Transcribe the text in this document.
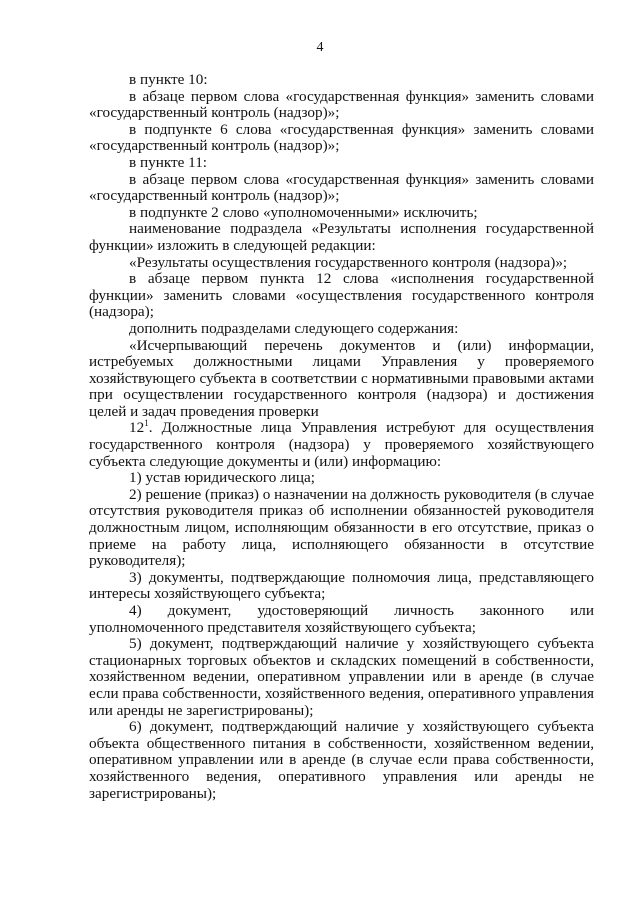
4

в пункте 10:

в абзаце первом слова «государственная функция» заменить словами «государственный контроль (надзор)»;

в подпункте 6 слова «государственная функция» заменить словами «государственный контроль (надзор)»;

в пункте 11:

в абзаце первом слова «государственная функция» заменить словами «государственный контроль (надзор)»;

в подпункте 2 слово «уполномоченными» исключить;

наименование подраздела «Результаты исполнения государственной функции» изложить в следующей редакции:

«Результаты осуществления государственного контроля (надзора)»;

в абзаце первом пункта 12 слова «исполнения государственной функции» заменить словами «осуществления государственного контроля (надзора);

дополнить подразделами следующего содержания:

«Исчерпывающий перечень документов и (или) информации, истребуемых должностными лицами Управления у проверяемого хозяйствующего субъекта в соответствии с нормативными правовыми актами при осуществлении государственного контроля (надзора) и достижения целей и задач проведения проверки

$12^1$. Должностные лица Управления истребуют для осуществления государственного контроля (надзора) у проверяемого хозяйствующего субъекта следующие документы и (или) информацию:

1) устав юридического лица;

2) решение (приказ) о назначении на должность руководителя (в случае отсутствия руководителя приказ об исполнении обязанностей руководителя должностным лицом, исполняющим обязанности в его отсутствие, приказ о приеме на работу лица, исполняющего обязанности в отсутствие руководителя);

3) документы, подтверждающие полномочия лица, представляющего интересы хозяйствующего субъекта;

4) документ, удостоверяющий личность законного или уполномоченного представителя хозяйствующего субъекта;

5) документ, подтверждающий наличие у хозяйствующего субъекта стационарных торговых объектов и складских помещений в собственности, хозяйственном ведении, оперативном управлении или в аренде (в случае если права собственности, хозяйственного ведения, оперативного управления или аренды не зарегистрированы);

6) документ, подтверждающий наличие у хозяйствующего субъекта объекта общественного питания в собственности, хозяйственном ведении, оперативном управлении или в аренде (в случае если права собственности, хозяйственного ведения, оперативного управления или аренды не зарегистрированы);
